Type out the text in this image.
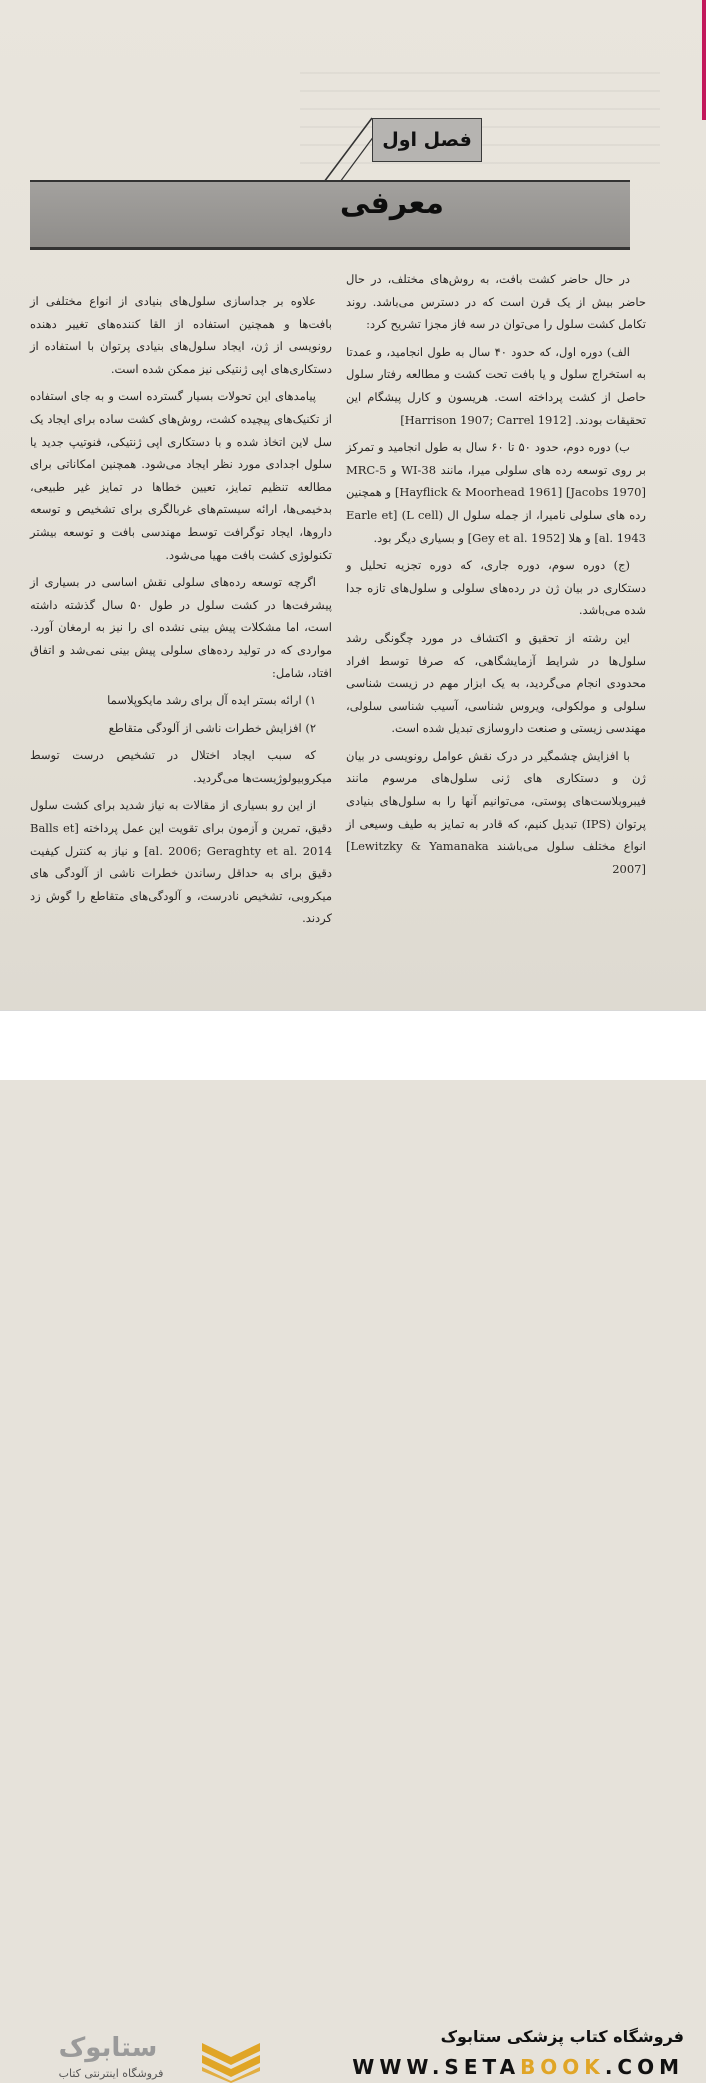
فصل اول
معرفی

در حال حاضر کشت بافت، به روش‌های مختلف، در حال حاضر بیش از یک قرن است که در دسترس می‌باشد. روند تکامل کشت سلول را می‌توان در سه فاز مجزا تشریح کرد:

الف) دوره اول، که حدود ۴۰ سال به طول انجامید، و عمدتا به استخراج سلول و یا بافت تحت کشت و مطالعه رفتار سلول حاصل از کشت پرداخته است. هریسون و کارل پیشگام این تحقیقات بودند. [Harrison 1907; Carrel 1912]

ب) دوره دوم، حدود ۵۰ تا ۶۰ سال به طول انجامید و تمرکز بر روی توسعه رده های سلولی میرا، مانند WI-38 و MRC-5 [Hayflick & Moorhead 1961] [Jacobs 1970] و همچنین رده های سلولی نامیرا، از جمله سلول ال (L cell) [Earle et al. 1943] و هلا [Gey et al. 1952] و بسیاری دیگر بود.

(ج) دوره سوم، دوره جاری، که دوره تجزیه تحلیل و دستکاری در بیان ژن در رده‌های سلولی و سلول‌های تازه جدا شده می‌باشد.

این رشته از تحقیق و اکتشاف در مورد چگونگی رشد سلول‌ها در شرایط آزمایشگاهی، که صرفا توسط افراد محدودی انجام می‌گردید، به یک ابزار مهم در زیست شناسی سلولی و مولکولی، ویروس شناسی، آسیب شناسی سلولی، مهندسی زیستی و صنعت داروسازی تبدیل شده است.

با افزایش چشمگیر در درک نقش عوامل رونویسی در بیان ژن و دستکاری های ژنی سلول‌های مرسوم مانند فیبروبلاست‌های پوستی، می‌توانیم آنها را به سلول‌های بنیادی پرتوان (IPS) تبدیل کنیم، که قادر به تمایز به طیف وسیعی از انواع مختلف سلول می‌باشند [Lewitzky & Yamanaka 2007]

علاوه بر جداسازی سلول‌های بنیادی از انواع مختلفی از بافت‌ها و همچنین استفاده از القا کننده‌های تغییر دهنده رونویسی از ژن، ایجاد سلول‌های بنیادی پرتوان با استفاده از دستکاری‌های اپی ژنتیکی نیز ممکن شده است.

پیامدهای این تحولات بسیار گسترده است و به جای استفاده از تکنیک‌های پیچیده کشت، روش‌های کشت ساده برای ایجاد یک سل لاین اتخاذ شده و با دستکاری اپی ژنتیکی، فنوتیپ جدید یا سلول اجدادی مورد نظر ایجاد می‌شود. همچنین امکاناتی برای مطالعه تنظیم تمایز، تعیین خطاها در تمایز غیر طبیعی، بدخیمی‌ها، ارائه سیستم‌های غربالگری برای تشخیص و توسعه داروها، ایجاد توگرافت توسط مهندسی بافت و توسعه بیشتر تکنولوژی کشت بافت مهیا می‌شود.

اگرچه توسعه رده‌های سلولی نقش اساسی در بسیاری از پیشرفت‌ها در کشت سلول در طول ۵۰ سال گذشته داشته است، اما مشکلات پیش بینی نشده ای را نیز به ارمغان آورد. مواردی که در تولید رده‌های سلولی پیش بینی نمی‌شد و اتفاق افتاد، شامل:

۱) ارائه بستر ایده آل برای رشد مایکوپلاسما

۲) افزایش خطرات ناشی از آلودگی متقاطع

که سبب ایجاد اختلال در تشخیص درست توسط میکروبیولوژیست‌ها می‌گردید.

از این رو بسیاری از مقالات به نیاز شدید برای کشت سلول دقیق، تمرین و آزمون برای تقویت این عمل پرداخته [Balls et al. 2006; Geraghty et al. 2014] و نیاز به کنترل کیفیت دقیق برای به حداقل رساندن خطرات ناشی از آلودگی های میکروبی، تشخیص نادرست، و آلودگی‌های متقاطع را گوش زد کردند.

ستابوک
فروشگاه اینترنتی کتاب
فروشگاه کتاب پزشکی ستابوک
WWW.SETABOOK.COM
